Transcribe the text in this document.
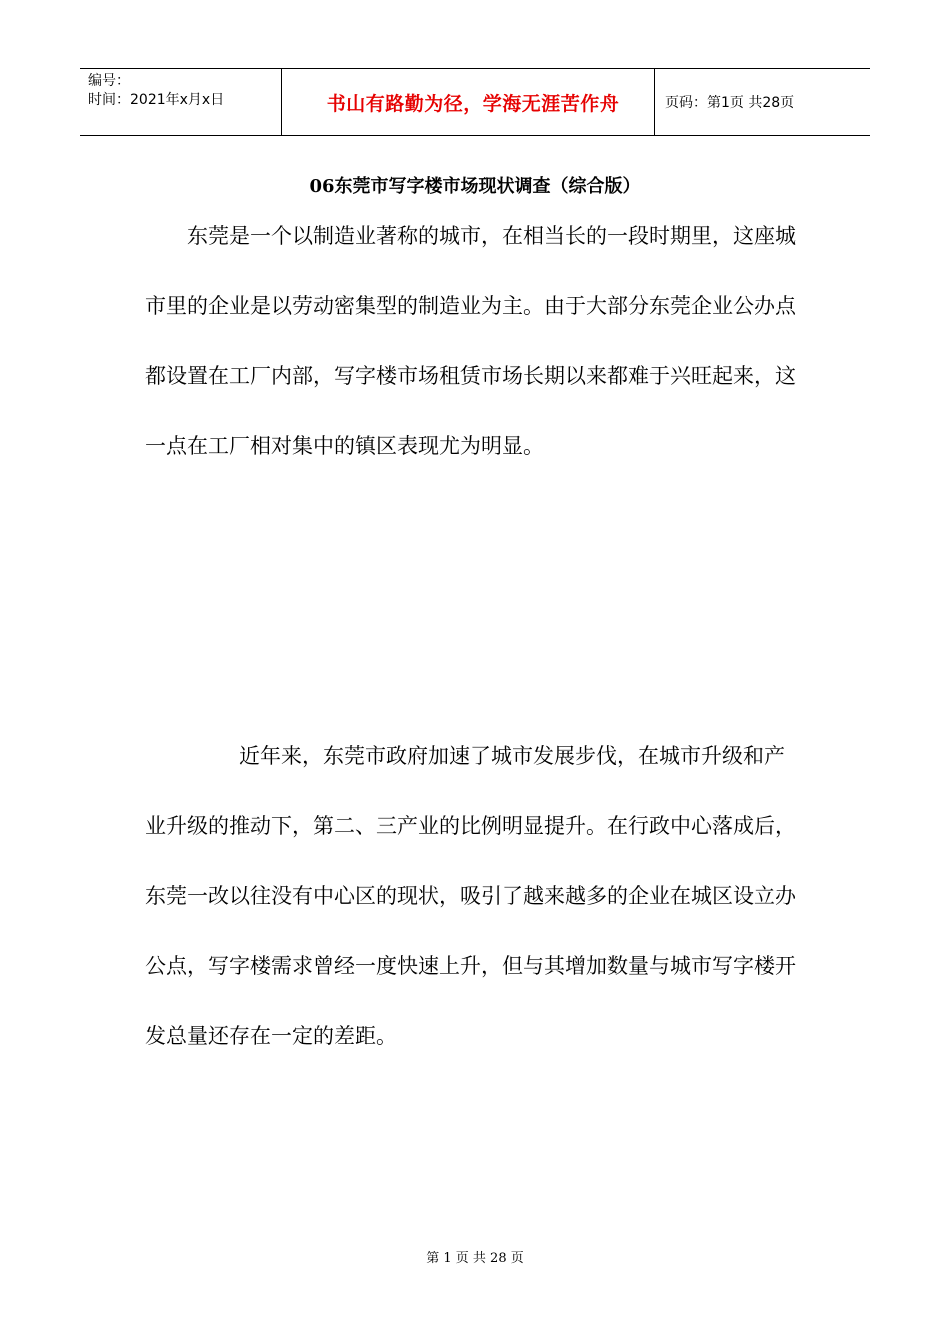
编号：
时间：2021年x月x日	书山有路勤为径，学海无涯苦作舟	页码：第1页 共28页
06东莞市写字楼市场现状调查（综合版）

东莞是一个以制造业著称的城市，在相当长的一段时期里，这座城市里的企业是以劳动密集型的制造业为主。由于大部分东莞企业公办点都设置在工厂内部，写字楼市场租赁市场长期以来都难于兴旺起来，这一点在工厂相对集中的镇区表现尤为明显。

近年来，东莞市政府加速了城市发展步伐，在城市升级和产业升级的推动下，第二、三产业的比例明显提升。在行政中心落成后，东莞一改以往没有中心区的现状，吸引了越来越多的企业在城区设立办公点，写字楼需求曾经一度快速上升，但与其增加数量与城市写字楼开发总量还存在一定的差距。

第 1 页 共 28 页
